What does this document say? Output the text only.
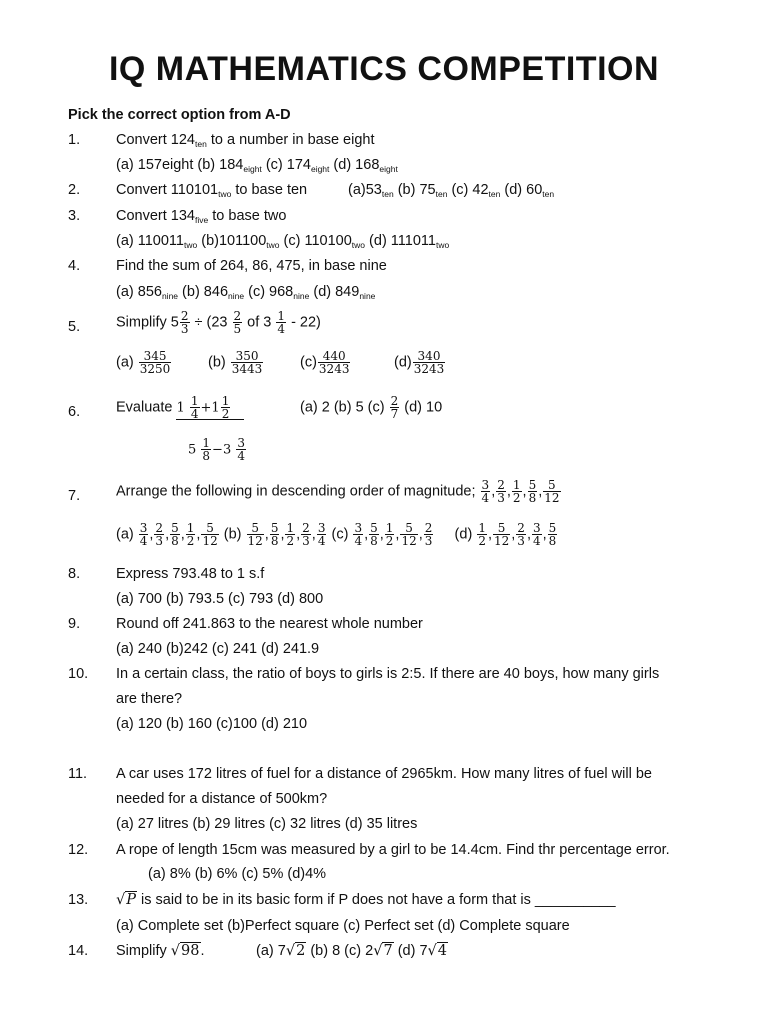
IQ MATHEMATICS COMPETITION
Pick the correct option from A-D
1. Convert $124_{ten}$ to a number in base eight
(a) 157eight (b) $184_{eight}$ (c) $174_{eight}$ (d) $168_{eight}$
2. Convert $110101_{two}$ to base ten	$(a)53_{ten}$ (b) $75_{ten}$ (c) $42_{ten}$ (d) $60_{ten}$
3. Convert $134_{five}$ to base two
(a) $110011_{two}$ $(b)101100_{two}$ (c) $110100_{two}$ (d) $111011_{two}$
4. Find the sum of 264, 86, 475, in base nine
(a) $856_{nine}$ (b) $846_{nine}$ (c) $968_{nine}$ (d) $849_{nine}$
5. Simplify $5 \frac{2}{3} \div (23 \frac{2}{5}$ of $3 \frac{1}{4} - 22$)
$(a) \frac{345}{3250}$	$(b) \frac{350}{3443}$	$(c) \frac{440}{3243}$	$(d) \frac{340}{3243}$
6. Evaluate $1 \frac{1}{4} +1 \frac{1}{2}$	(a) 2 (b) 5 $(c) \frac{2}{7} (d)$ 10
$5 \frac{1}{8} -3 \frac{3}{4}$
7. Arrange the following in descending order of magnitude; $\frac{3}{4}$ , $\frac{2}{3}$ , $\frac{1}{2}$ , $\frac{5}{8}$ , $\frac{5}{12}$
$(a) \frac{3}{4}$ , $\frac{2}{3}$ , $\frac{5}{8}$ , $\frac{1}{2}$ , $\frac{5}{12} (b) \frac{5}{12}$ , $\frac{5}{8}$ , $\frac{1}{2}$ , $\frac{2}{3}$ , $\frac{3}{4} (c) \frac{3}{4}$ , $\frac{5}{8}$ , $\frac{1}{2}$ , $\frac{5}{12}$ , $\frac{2}{3} (d) \frac{1}{2}$ , $\frac{5}{12}$ , $\frac{2}{3}$ , $\frac{3}{4}$ , $\frac{5}{8}$
8. Express 793.48 to 1 s.f
(a) 700 (b) 793.5 (c) 793 (d) 800
9. Round off 241.863 to the nearest whole number
(a) 240 (b)242 (c) 241 (d) 241.9
10. In a certain class, the ratio of boys to girls is 2:5. If there are 40 boys, how many girls
are there?
(a) 120 (b) 160 (c)100 (d) 210
11. A car uses 172 litres of fuel for a distance of 2965km. How many litres of fuel will be
needed for a distance of 500km?
(a) 27 litres (b) 29 litres (c) 32 litres (d) 35 litres
12. A rope of length 15cm was measured by a girl to be 14.4cm. Find thr percentage error.
(a) 8% (b) 6% (c) 5% (d)4%
13. √P is said to be in its basic form if P does not have a form that is __________
(a) Complete set (b)Perfect square (c) Perfect set (d) Complete square
14. Simplify √98.	(a) 7√2 (b) 8 (c) 2√7 (d) 7√4
